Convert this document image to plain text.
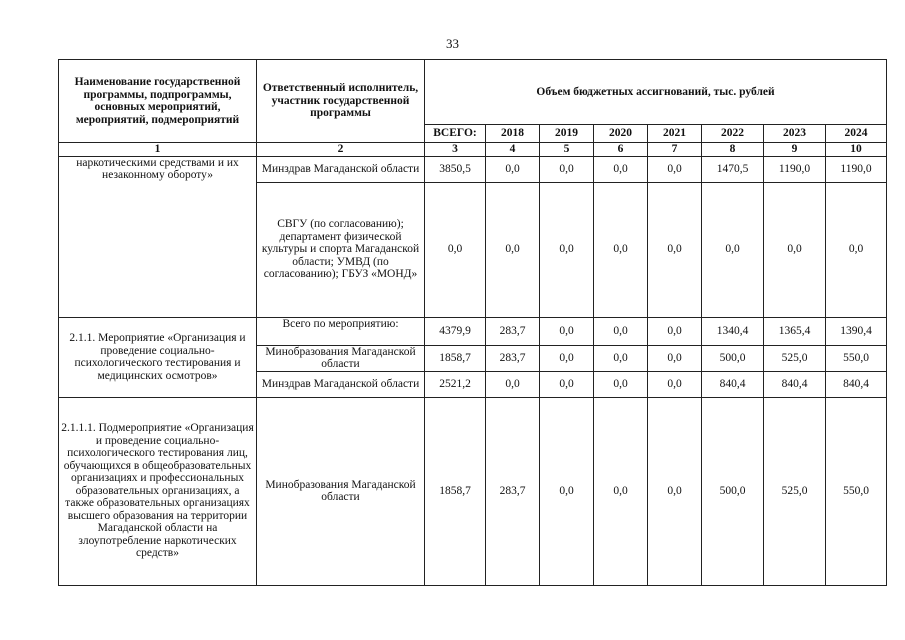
33
Наименование государственной программы, подпрограммы, основных мероприятий, мероприятий, подмероприятий	Ответственный исполнитель, участник государственной программы	Объем бюджетных ассигнований, тыс. рублей							
		ВСЕГО:	2018	2019	2020	2021	2022	2023	2024
1	2	3	4	5	6	7	8	9	10
наркотическими средствами и их незаконному обороту»	Минздрав Магаданской области	3850,5	0,0	0,0	0,0	0,0	1470,5	1190,0	1190,0
	СВГУ (по согласованию); департамент физической культуры и спорта Магаданской области; УМВД (по согласованию); ГБУЗ «МОНД»	0,0	0,0	0,0	0,0	0,0	0,0	0,0	0,0
2.1.1. Мероприятие «Организация и проведение социально-психологического тестирования и медицинских осмотров»	Всего по мероприятию:	4379,9	283,7	0,0	0,0	0,0	1340,4	1365,4	1390,4
	Минобразования Магаданской области	1858,7	283,7	0,0	0,0	0,0	500,0	525,0	550,0
	Минздрав Магаданской области	2521,2	0,0	0,0	0,0	0,0	840,4	840,4	840,4
2.1.1.1. Подмероприятие «Организация и проведение социально-психологического тестирования лиц, обучающихся в общеобразовательных организациях и профессиональных образовательных организациях, а также образовательных организациях высшего образования на территории Магаданской области на злоупотребление наркотических средств»	Минобразования Магаданской области	1858,7	283,7	0,0	0,0	0,0	500,0	525,0	550,0
